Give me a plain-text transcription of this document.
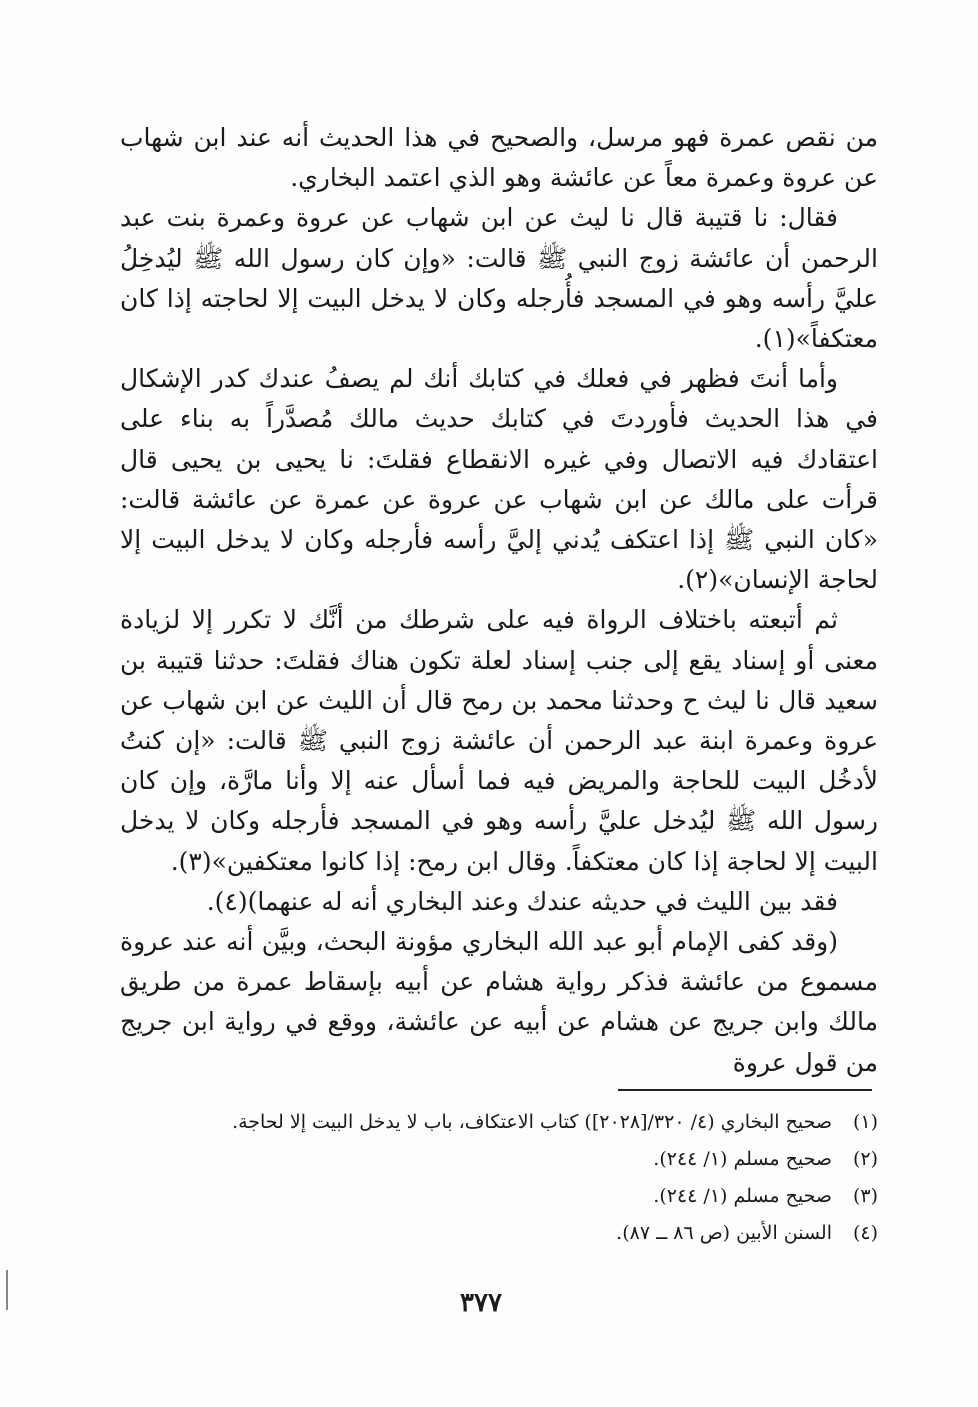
من نقص عمرة فهو مرسل، والصحيح في هذا الحديث أنه عند ابن شهاب عن عروة وعمرة معاً عن عائشة وهو الذي اعتمد البخاري.

فقال: نا قتيبة قال نا ليث عن ابن شهاب عن عروة وعمرة بنت عبد الرحمن أن عائشة زوج النبي ﷺ قالت: «وإن كان رسول الله ﷺ ليُدخِلُ عليَّ رأسه وهو في المسجد فأُرجله وكان لا يدخل البيت إلا لحاجته إذا كان معتكفاً»(١).

وأما أنتَ فظهر في فعلك في كتابك أنك لم يصفُ عندك كدر الإشكال في هذا الحديث فأوردتَ في كتابك حديث مالك مُصدَّراً به بناء على اعتقادك فيه الاتصال وفي غيره الانقطاع فقلتَ: نا يحيى بن يحيى قال قرأت على مالك عن ابن شهاب عن عروة عن عمرة عن عائشة قالت: «كان النبي ﷺ إذا اعتكف يُدني إليَّ رأسه فأرجله وكان لا يدخل البيت إلا لحاجة الإنسان»(٢).

ثم أتبعته باختلاف الرواة فيه على شرطك من أنَّك لا تكرر إلا لزيادة معنى أو إسناد يقع إلى جنب إسناد لعلة تكون هناك فقلتَ: حدثنا قتيبة بن سعيد قال نا ليث ح وحدثنا محمد بن رمح قال أن الليث عن ابن شهاب عن عروة وعمرة ابنة عبد الرحمن أن عائشة زوج النبي ﷺ قالت: «إن كنتُ لأدخُل البيت للحاجة والمريض فيه فما أسأل عنه إلا وأنا مارَّة، وإن كان رسول الله ﷺ ليُدخل عليَّ رأسه وهو في المسجد فأرجله وكان لا يدخل البيت إلا لحاجة إذا كان معتكفاً. وقال ابن رمح: إذا كانوا معتكفين»(٣).

فقد بين الليث في حديثه عندك وعند البخاري أنه له عنهما)(٤).

(وقد كفى الإمام أبو عبد الله البخاري مؤونة البحث، وبيَّن أنه عند عروة مسموع من عائشة فذكر رواية هشام عن أبيه بإسقاط عمرة من طريق مالك وابن جريج عن هشام عن أبيه عن عائشة، ووقع في رواية ابن جريج من قول عروة

(١)صحيح البخاري (٤/ ٣٢٠/[٢٠٢٨]) كتاب الاعتكاف، باب لا يدخل البيت إلا لحاجة.

(٢)صحيح مسلم (١/ ٢٤٤).

(٣)صحيح مسلم (١/ ٢٤٤).

(٤)السنن الأبين (ص ٨٦ ــ ٨٧).

٣٧٧
